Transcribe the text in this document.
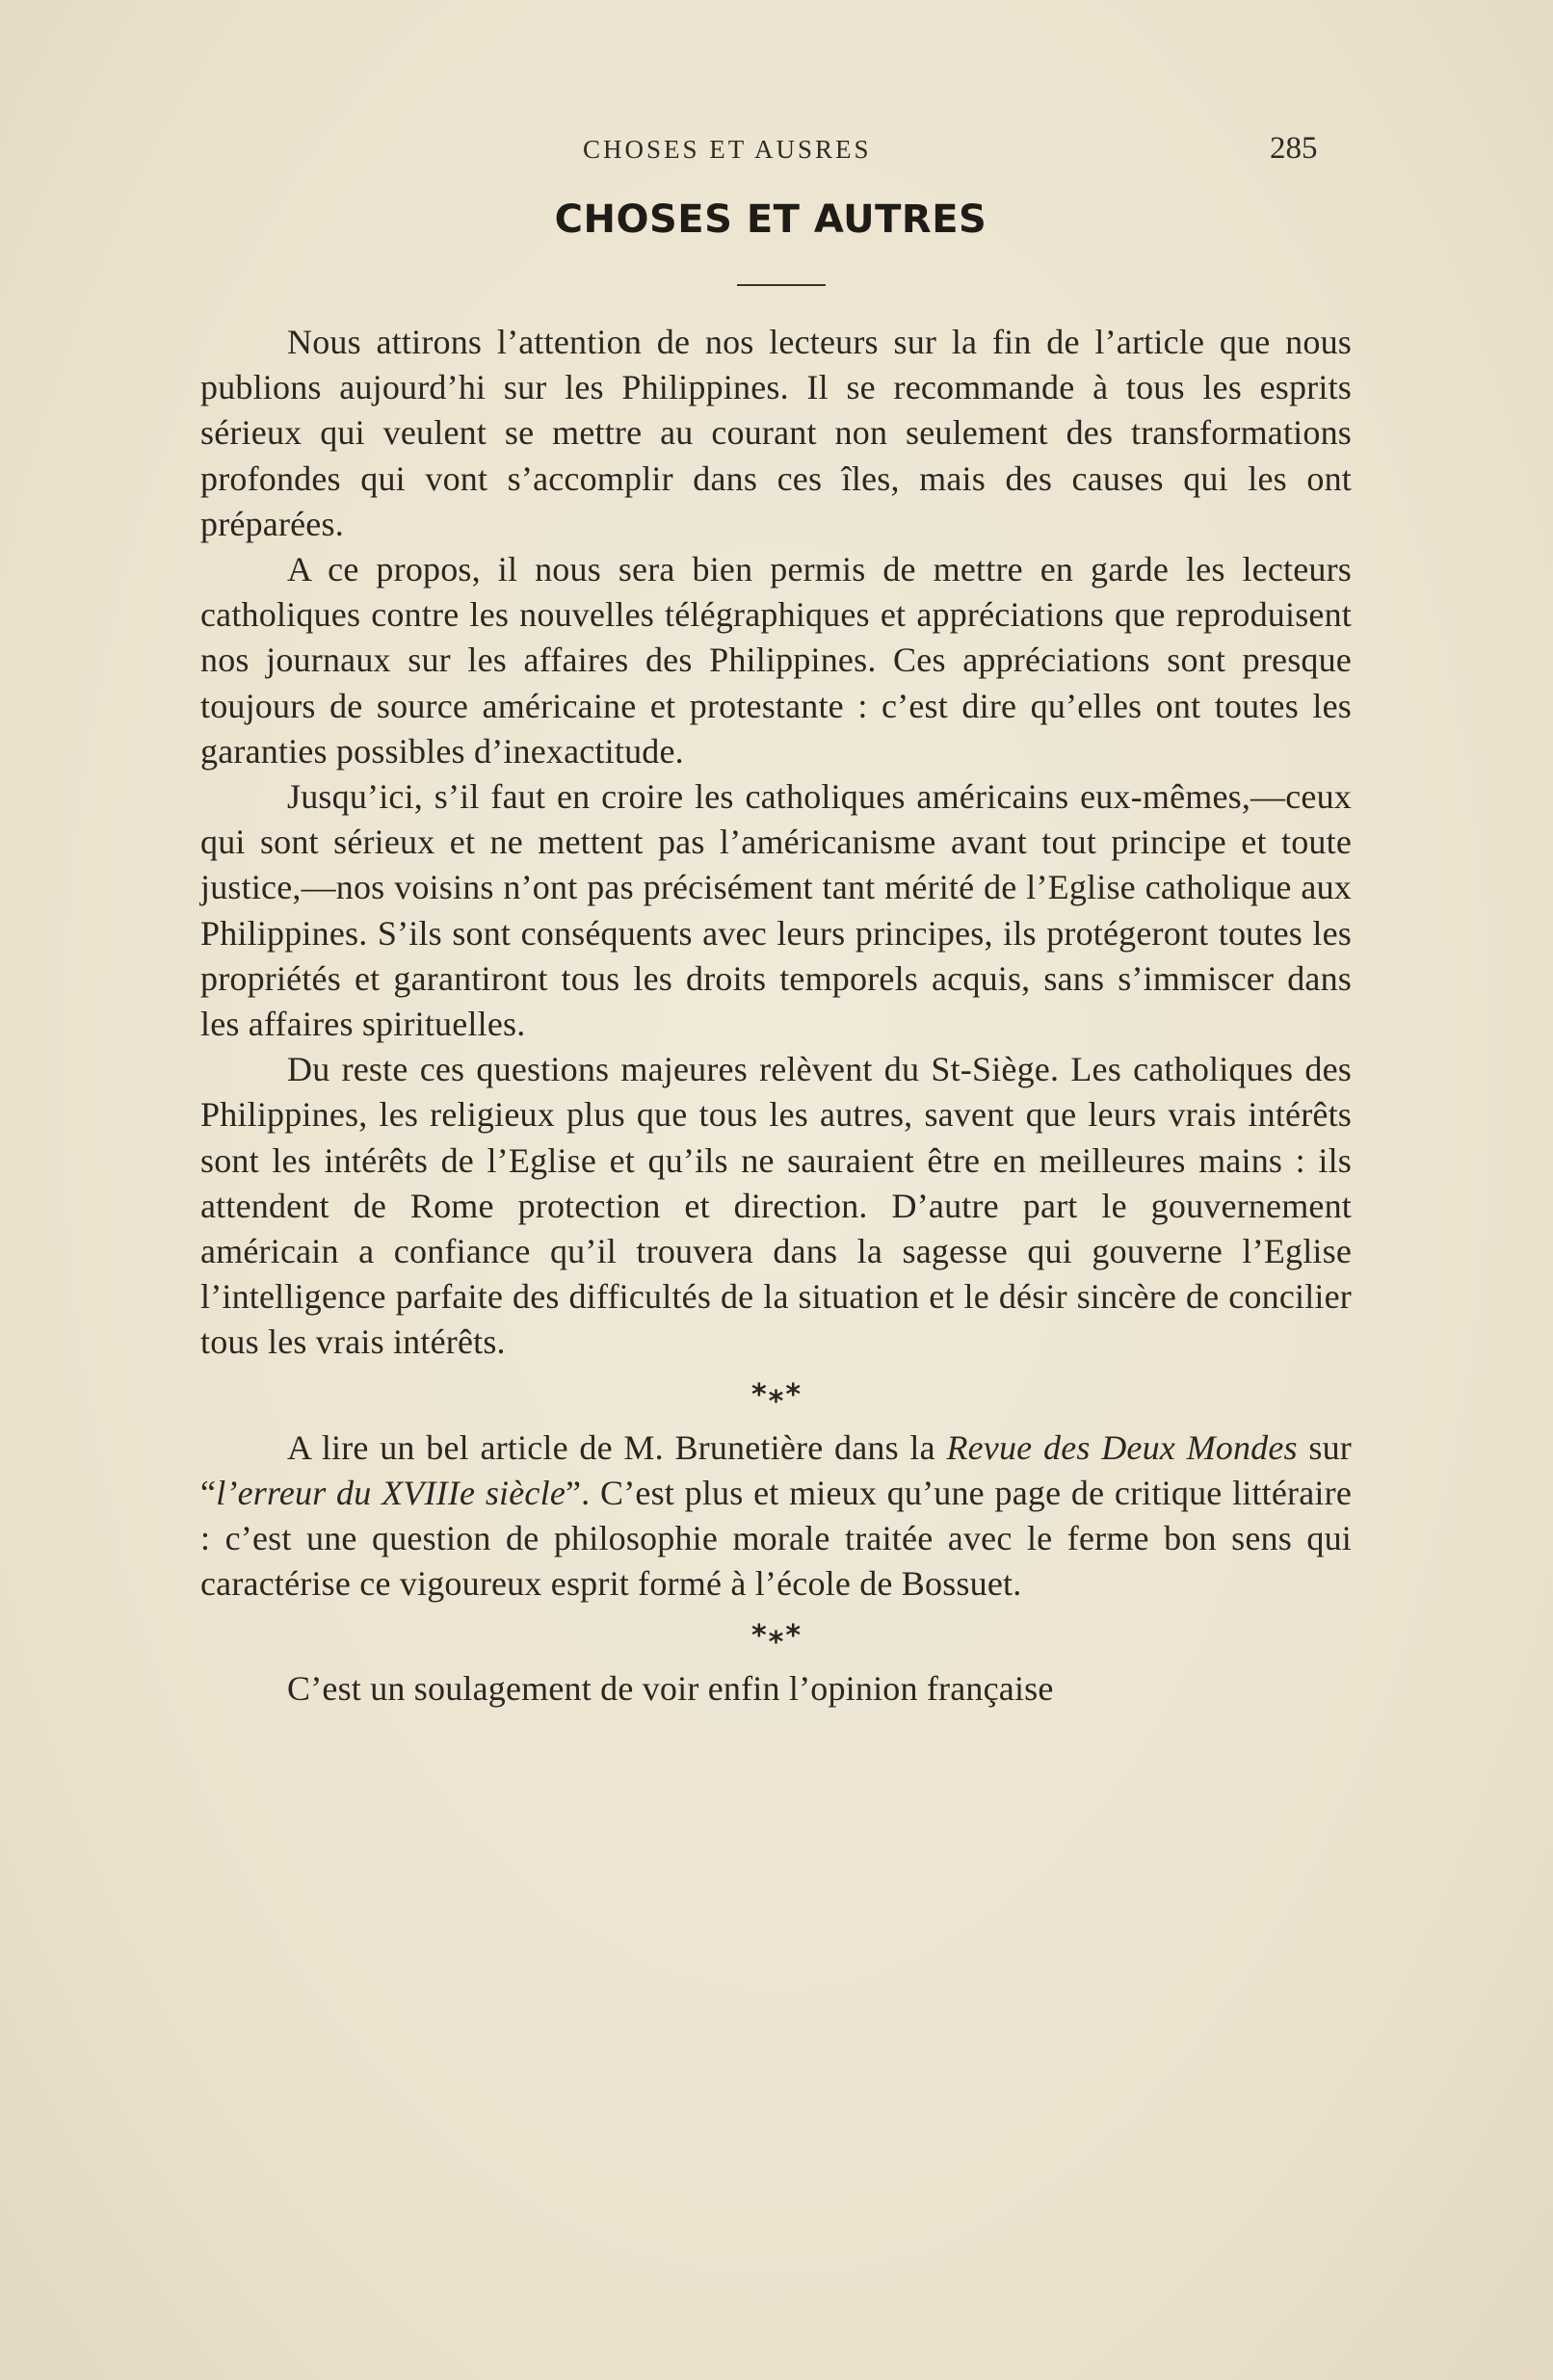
CHOSES ET AUSRES	285
CHOSES ET AUTRES

Nous attirons l’attention de nos lecteurs sur la fin de l’article que nous publions aujourd’hi sur les Philippines. Il se recommande à tous les esprits sérieux qui veulent se mettre au courant non seulement des transformations profondes qui vont s’accomplir dans ces îles, mais des causes qui les ont préparées.

A ce propos, il nous sera bien permis de mettre en garde les lecteurs catholiques contre les nouvelles télégraphiques et appréciations que reproduisent nos journaux sur les affaires des Philippines. Ces appréciations sont presque toujours de source américaine et protestante : c’est dire qu’elles ont toutes les garanties possibles d’inexactitude.

Jusqu’ici, s’il faut en croire les catholiques américains eux-mêmes,—ceux qui sont sérieux et ne mettent pas l’américanisme avant tout principe et toute justice,—nos voisins n’ont pas précisément tant mérité de l’Eglise catholique aux Philippines. S’ils sont conséquents avec leurs principes, ils protégeront toutes les propriétés et garantiront tous les droits temporels acquis, sans s’immiscer dans les affaires spirituelles.

Du reste ces questions majeures relèvent du St-Siège. Les catholiques des Philippines, les religieux plus que tous les autres, savent que leurs vrais intérêts sont les intérêts de l’Eglise et qu’ils ne sauraient être en meilleures mains : ils attendent de Rome protection et direction. D’autre part le gouvernement américain a confiance qu’il trouvera dans la sagesse qui gouverne l’Eglise l’intelligence parfaite des difficultés de la situation et le désir sincère de concilier tous les vrais intérêts.

***

A lire un bel article de M. Brunetière dans la Revue des Deux Mondes sur “l’erreur du XVIIIe siècle”. C’est plus et mieux qu’une page de critique littéraire : c’est une question de philosophie morale traitée avec le ferme bon sens qui caractérise ce vigoureux esprit formé à l’école de Bossuet.

***

C’est un soulagement de voir enfin l’opinion française
